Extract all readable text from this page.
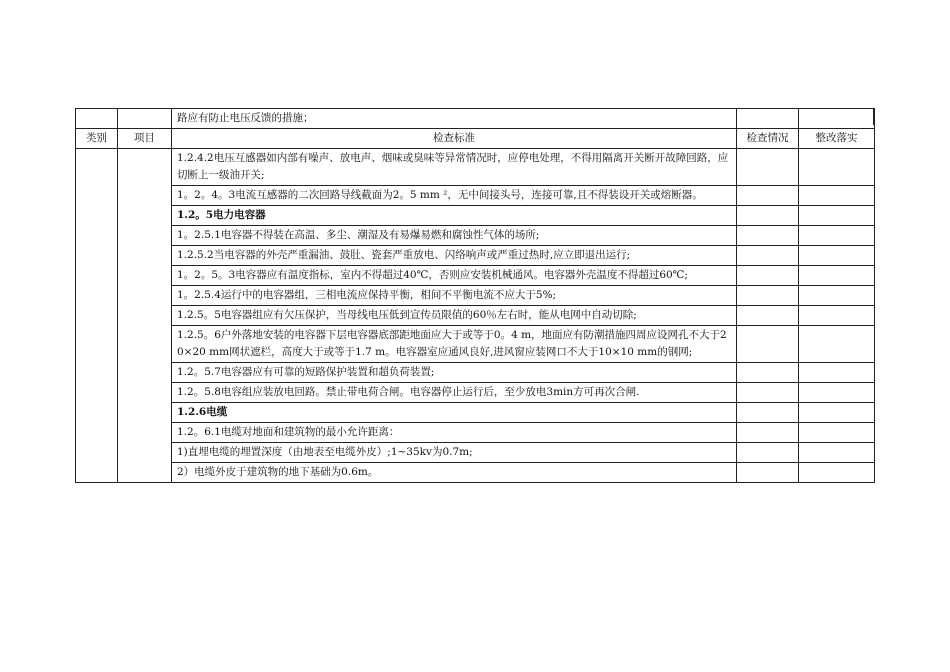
		路应有防止电压反馈的措施；		
类别	项目	检查标准	检查情况	整改落实
		1.2.4.2电压互感器如内部有噪声、放电声、烟味或臭味等异常情况时，应停电处理，不得用隔离开关断开故障回路，应切断上一级油开关;		
		1。2。4。3电流互感器的二次回路导线截面为2。5 mm ²，无中间接头号，连接可靠,且不得装设开关或熔断器。		
		1.2。5电力电容器		
		1。2.5.1电容器不得装在高温、多尘、潮湿及有易爆易燃和腐蚀性气体的场所;		
		1.2.5.2当电容器的外壳严重漏油、鼓肚、瓷套严重放电、闪络响声或严重过热时,应立即退出运行;		
		1。2。5。3电容器应有温度指标，室内不得超过40℃，否则应安装机械通风。电容器外壳温度不得超过60℃;		
		1。2.5.4运行中的电容器组，三相电流应保持平衡，相间不平衡电流不应大于5%;		
		1.2.5。5电容器组应有欠压保护，当母线电压低到宣传员限值的60％左右时，能从电网中自动切除;		
		1.2.5。6户外落地安装的电容器下层电容器底部距地面应大于或等于0。4 m，地面应有防潮措施四周应设网孔不大于20×20 mm网状遮栏，高度大于或等于1.7 m。电容器室应通风良好,进风窗应装网口不大于10×10 mm的钢网;		
		1.2。5.7电容器应有可靠的短路保护装置和超负荷装置;		
		1.2。5.8电容组应装放电回路。禁止带电荷合闸。电容器停止运行后，至少放电3min方可再次合闸.		
		1.2.6电缆		
		1.2。6.1电缆对地面和建筑物的最小允许距离：		
		1)直埋电缆的埋置深度（由地表至电缆外皮）;1~35kv为0.7m;		
		2）电缆外皮于建筑物的地下基础为0.6m。		
